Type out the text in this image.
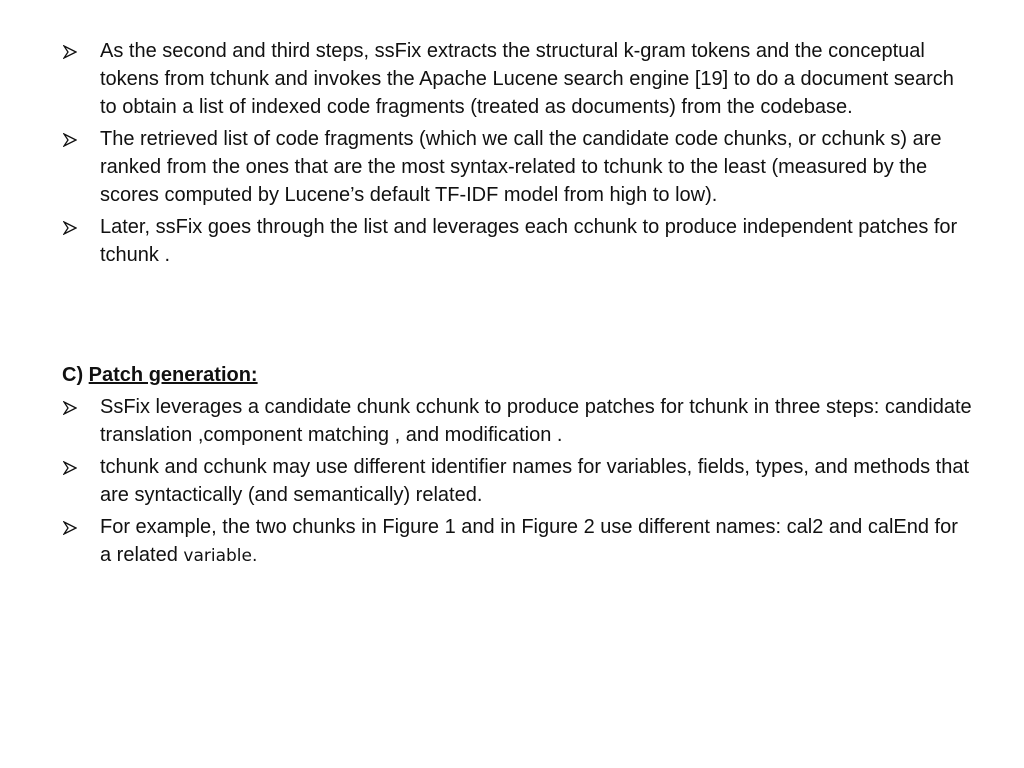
As the second and third steps, ssFix extracts the structural k-gram tokens and the conceptual tokens from tchunk and invokes the Apache Lucene search engine [19] to do a document search to obtain a list of indexed code fragments (treated as documents) from the codebase.
The retrieved list of code fragments (which we call the candidate code chunks, or cchunk s) are ranked from the ones that are the most syntax-related to tchunk to the least (measured by the scores computed by Lucene’s default TF-IDF model from high to low).
Later, ssFix goes through the list and leverages each cchunk to produce independent patches for tchunk .
C) Patch generation:
SsFix leverages a candidate chunk cchunk to produce patches for tchunk in three steps: candidate translation ,component matching , and modification .
tchunk and cchunk may use different identifier names for variables, fields, types, and methods that are syntactically (and semantically) related.
For example, the two chunks in Figure 1 and in Figure 2 use different names: cal2 and calEnd for a related variable.
